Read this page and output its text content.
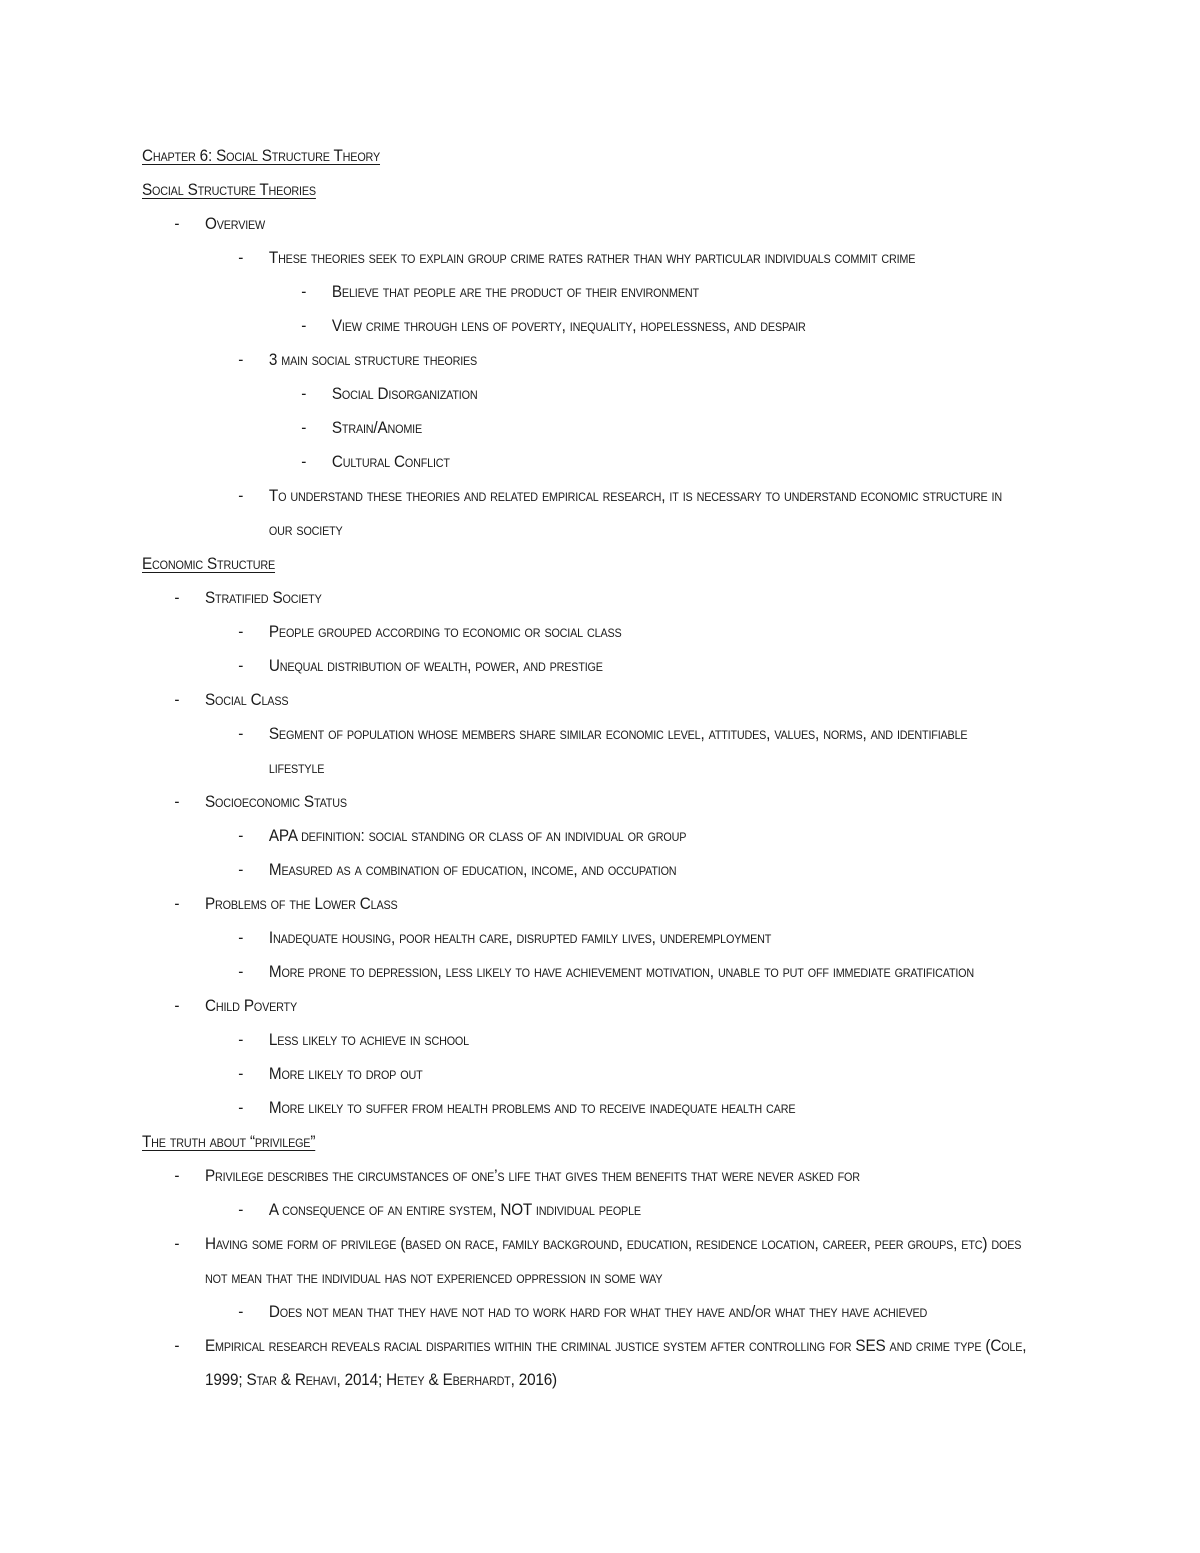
Chapter 6: Social Structure Theory
Social Structure Theories
- Overview
- These theories seek to explain group crime rates rather than why particular individuals commit crime
- Believe that people are the product of their environment
- View crime through lens of poverty, inequality, hopelessness, and despair
- 3 main social structure theories
- Social Disorganization
- Strain/Anomie
- Cultural Conflict
- To understand these theories and related empirical research, it is necessary to understand economic structure in
our society
Economic Structure
- Stratified Society
- People grouped according to economic or social class
- Unequal distribution of wealth, power, and prestige
- Social Class
- Segment of population whose members share similar economic level, attitudes, values, norms, and identifiable
lifestyle
- Socioeconomic Status
- APA definition: social standing or class of an individual or group
- Measured as a combination of education, income, and occupation
- Problems of the Lower Class
- Inadequate housing, poor health care, disrupted family lives, underemployment
- More prone to depression, less likely to have achievement motivation, unable to put off immediate gratification
- Child Poverty
- Less likely to achieve in school
- More likely to drop out
- More likely to suffer from health problems and to receive inadequate health care
The truth about “privilege”
- Privilege describes the circumstances of one’s life that gives them benefits that were never asked for
- A consequence of an entire system, NOT individual people
- Having some form of privilege (based on race, family background, education, residence location, career, peer groups, etc) does
not mean that the individual has not experienced oppression in some way
- Does not mean that they have not had to work hard for what they have and/or what they have achieved
- Empirical research reveals racial disparities within the criminal justice system after controlling for SES and crime type (Cole,
1999; Star & Rehavi, 2014; Hetey & Eberhardt, 2016)
